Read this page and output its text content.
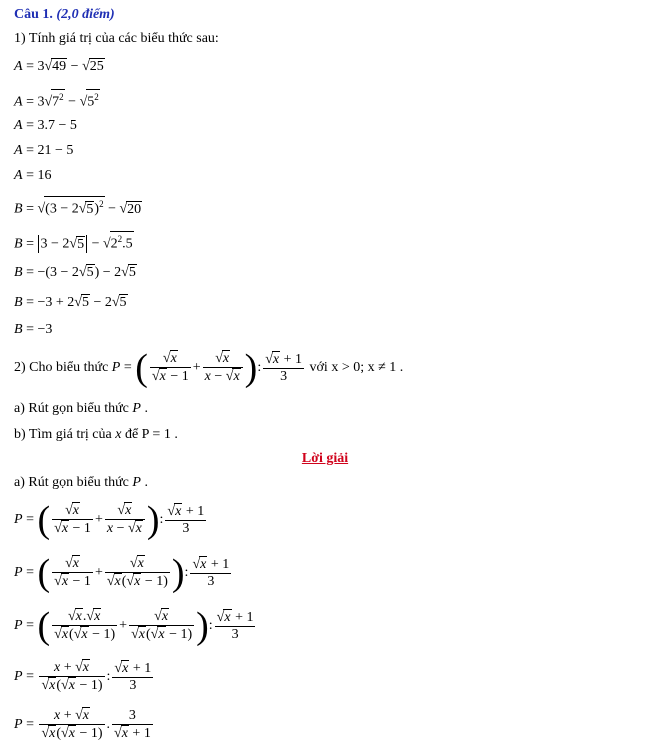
Câu 1. (2,0 điểm)
1) Tính giá trị của các biểu thức sau:
A = 3√49 − √25
$A = 3√7^2 - √5^2$
A = 3.7 − 5
A = 21 − 5
A = 16
$B = √(3 - 2√5)^2 - √20$
$B = 3 - 2√5 - √2^2.5$
B = −(3 − 2√5) − 2√5
B = −3 + 2√5 − 2√5
B = −3
2) Cho biểu thức P = ( $\frac{√x}{√x - 1} + \frac{√x}{x - √x}$ ): $\frac{√x + 1}{3}$ với x > 0; x ≠ 1 .
a) Rút gọn biểu thức P .
b) Tìm giá trị của x để P = 1 .
Lời giải
a) Rút gọn biểu thức P .
P = ( $\frac{√x}{√x - 1} + \frac{√x}{x - √x}$ ): $\frac{√x + 1}{3}$
P = ( $\frac{√x}{√x - 1} + \frac{√x}{√x(√x - 1)}$ ): $\frac{√x + 1}{3}$
P = ( $\frac{√x.√x}{√x(√x - 1)} + \frac{√x}{√x(√x - 1)}$ ): $\frac{√x + 1}{3}$
$P = \frac{x + √x}{√x(√x - 1)}$ : $\frac{√x + 1}{3}$
$P = \frac{x + √x}{√x(√x - 1)}$ . $\frac{3}{√x + 1}$
